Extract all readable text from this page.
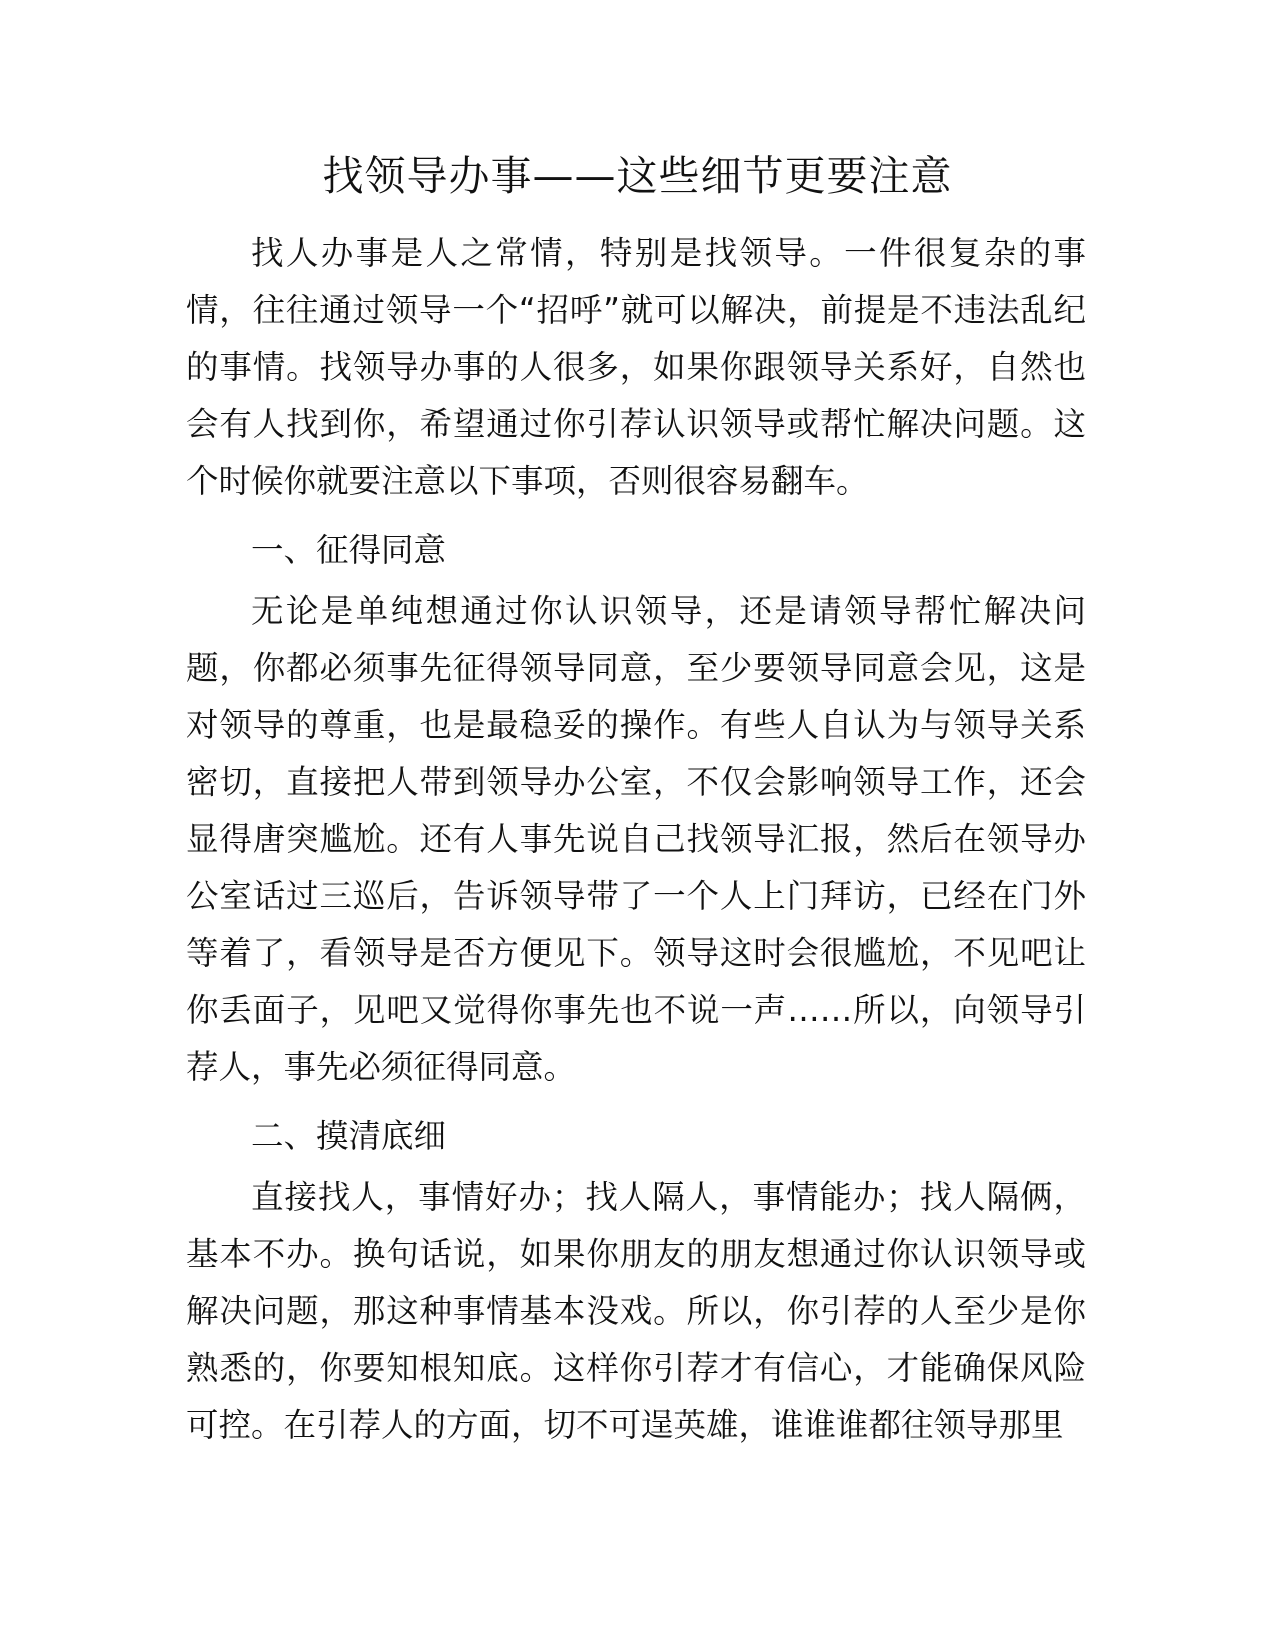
找领导办事——这些细节更要注意

找人办事是人之常情，特别是找领导。一件很复杂的事情，往往通过领导一个“招呼”就可以解决，前提是不违法乱纪的事情。找领导办事的人很多，如果你跟领导关系好，自然也会有人找到你，希望通过你引荐认识领导或帮忙解决问题。这个时候你就要注意以下事项，否则很容易翻车。

一、征得同意

无论是单纯想通过你认识领导，还是请领导帮忙解决问题，你都必须事先征得领导同意，至少要领导同意会见，这是对领导的尊重，也是最稳妥的操作。有些人自认为与领导关系密切，直接把人带到领导办公室，不仅会影响领导工作，还会显得唐突尴尬。还有人事先说自己找领导汇报，然后在领导办公室话过三巡后，告诉领导带了一个人上门拜访，已经在门外等着了，看领导是否方便见下。领导这时会很尴尬，不见吧让你丢面子，见吧又觉得你事先也不说一声……所以，向领导引荐人，事先必须征得同意。

二、摸清底细

直接找人，事情好办；找人隔人，事情能办；找人隔俩，基本不办。换句话说，如果你朋友的朋友想通过你认识领导或解决问题，那这种事情基本没戏。所以，你引荐的人至少是你熟悉的，你要知根知底。这样你引荐才有信心，才能确保风险可控。在引荐人的方面，切不可逞英雄，谁谁谁都往领导那里
